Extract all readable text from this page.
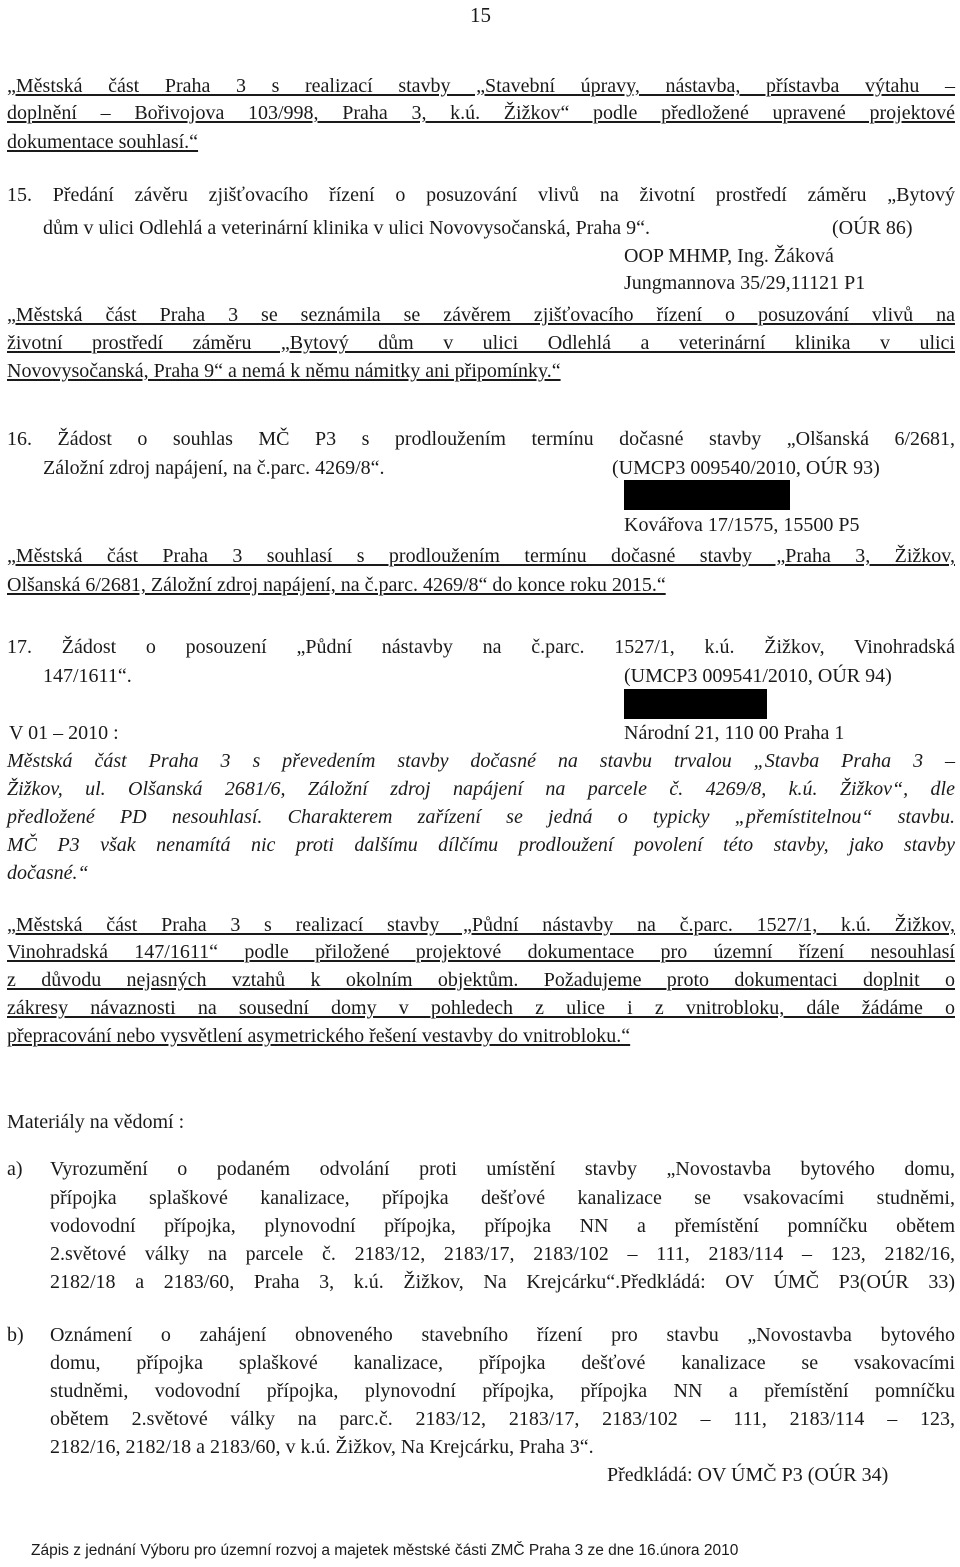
15
„Městská část Praha 3 s realizací stavby „Stavební úpravy, nástavba, přístavba výtahu –
doplnění – Bořivojova 103/998, Praha 3, k.ú. Žižkov“ podle předložené upravené projektové
dokumentace souhlasí.“
15. Předání závěru zjišťovacího řízení o posuzování vlivů na životní prostředí záměru „Bytový
dům v ulici Odlehlá a veterinární klinika v ulici Novovysočanská, Praha 9“.	(OÚR 86)
OOP MHMP, Ing. Žáková
Jungmannova 35/29,11121 P1
„Městská část Praha 3 se seznámila se závěrem zjišťovacího řízení o posuzování vlivů na
životní prostředí záměru „Bytový dům v ulici Odlehlá a veterinární klinika v ulici
Novovysočanská, Praha 9“ a nemá k němu námitky ani připomínky.“
16. Žádost o souhlas MČ P3 s prodloužením termínu dočasné stavby „Olšanská 6/2681,
Záložní zdroj napájení, na č.parc. 4269/8“.	(UMCP3 009540/2010, OÚR 93)
Kovářova 17/1575, 15500 P5
„Městská část Praha 3 souhlasí s prodloužením termínu dočasné stavby „Praha 3, Žižkov,
Olšanská 6/2681, Záložní zdroj napájení, na č.parc. 4269/8“ do konce roku 2015.“
17. Žádost o posouzení „Půdní nástavby na č.parc. 1527/1, k.ú. Žižkov, Vinohradská
147/1611“.	(UMCP3 009541/2010, OÚR 94)
V 01 – 2010 :	Národní 21, 110 00 Praha 1
Městská část Praha 3 s převedením stavby dočasné na stavbu trvalou „Stavba Praha 3 –
Žižkov, ul. Olšanská 2681/6, Záložní zdroj napájení na parcele č. 4269/8, k.ú. Žižkov“, dle
předložené PD nesouhlasí. Charakterem zařízení se jedná o typicky „přemístitelnou“ stavbu.
MČ P3 však nenamítá nic proti dalšímu dílčímu prodloužení povolení této stavby, jako stavby
dočasné.“
„Městská část Praha 3 s realizací stavby „Půdní nástavby na č.parc. 1527/1, k.ú. Žižkov,
Vinohradská 147/1611“ podle přiložené projektové dokumentace pro územní řízení nesouhlasí
z důvodu nejasných vztahů k okolním objektům. Požadujeme proto dokumentaci doplnit o
zákresy návaznosti na sousední domy v pohledech z ulice i z vnitrobloku, dále žádáme o
přepracování nebo vysvětlení asymetrického řešení vestavby do vnitrobloku.“
Materiály na vědomí :
a) Vyrozumění o podaném odvolání proti umístění stavby „Novostavba bytového domu,
přípojka splaškové kanalizace, přípojka dešťové kanalizace se vsakovacími studněmi,
vodovodní přípojka, plynovodní přípojka, přípojka NN a přemístění pomníčku obětem
2.světové války na parcele č. 2183/12, 2183/17, 2183/102 – 111, 2183/114 – 123, 2182/16,
2182/18 a 2183/60, Praha 3, k.ú. Žižkov, Na Krejcárku“.Předkládá: OV ÚMČ P3(OÚR 33)
b) Oznámení o zahájení obnoveného stavebního řízení pro stavbu „Novostavba bytového
domu, přípojka splaškové kanalizace, přípojka dešťové kanalizace se vsakovacími
studněmi, vodovodní přípojka, plynovodní přípojka, přípojka NN a přemístění pomníčku
obětem 2.světové války na parc.č. 2183/12, 2183/17, 2183/102 – 111, 2183/114 – 123,
2182/16, 2182/18 a 2183/60, v k.ú. Žižkov, Na Krejcárku, Praha 3“.
Předkládá: OV ÚMČ P3 (OÚR 34)
Zápis z jednání Výboru pro územní rozvoj a majetek městské části ZMČ Praha 3 ze dne 16.února 2010
